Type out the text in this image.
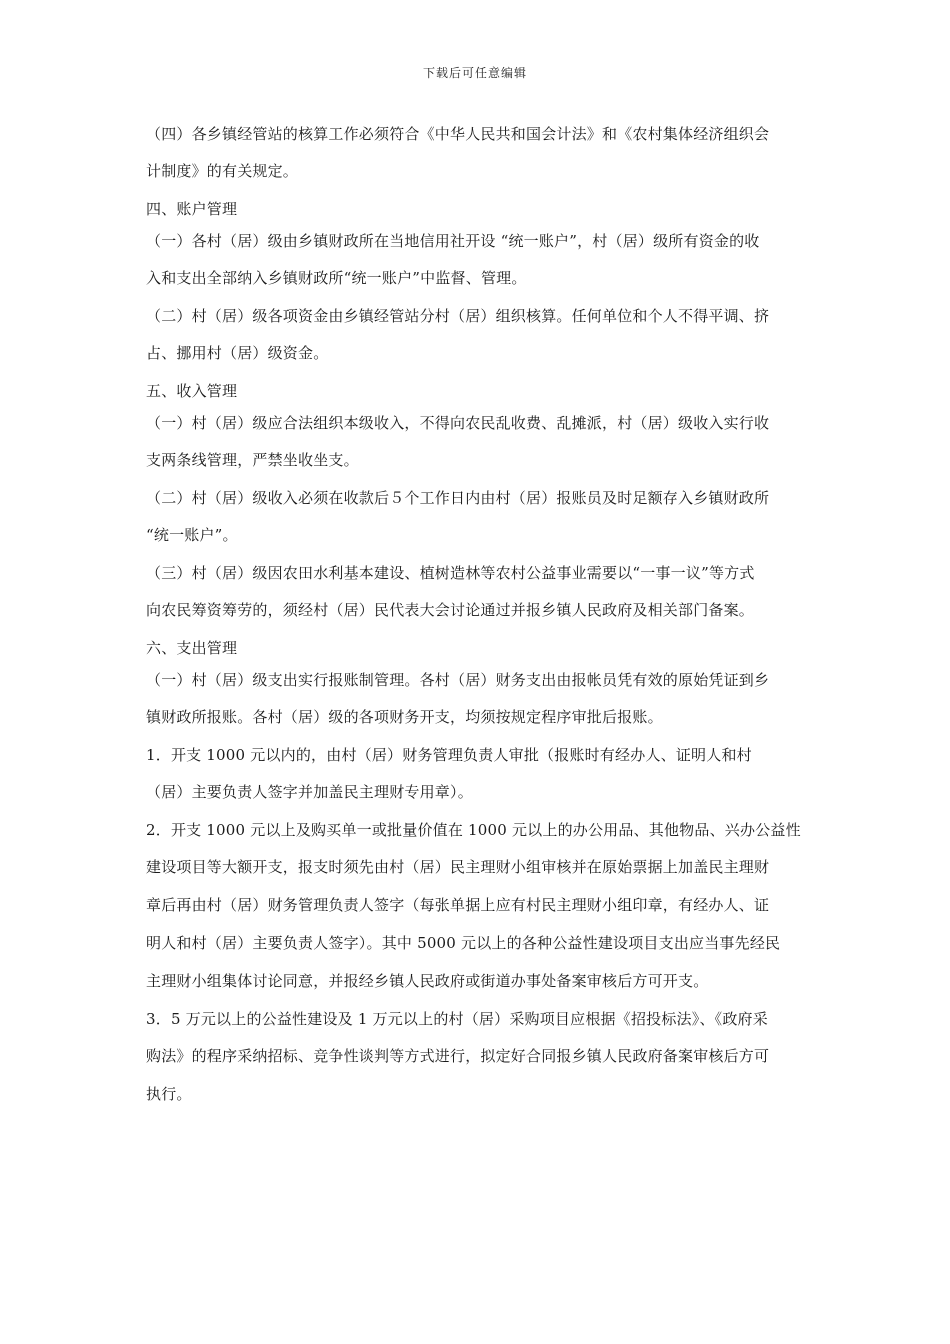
下载后可任意编辑
（四）各乡镇经管站的核算工作必须符合《中华人民共和国会计法》和《农村集体经济组织会
计制度》的有关规定。
四、账户管理
（一）各村（居）级由乡镇财政所在当地信用社开设 “统一账户”，村（居）级所有资金的收
入和支出全部纳入乡镇财政所“统一账户”中监督、管理。
（二）村（居）级各项资金由乡镇经管站分村（居）组织核算。任何单位和个人不得平调、挤
占、挪用村（居）级资金。
五、收入管理
（一）村（居）级应合法组织本级收入，不得向农民乱收费、乱摊派，村（居）级收入实行收
支两条线管理，严禁坐收坐支。
（二）村（居）级收入必须在收款后５个工作日内由村（居）报账员及时足额存入乡镇财政所
“统一账户”。
（三）村（居）级因农田水利基本建设、植树造林等农村公益事业需要以“一事一议”等方式
向农民筹资筹劳的，须经村（居）民代表大会讨论通过并报乡镇人民政府及相关部门备案。
六、支出管理
（一）村（居）级支出实行报账制管理。各村（居）财务支出由报帐员凭有效的原始凭证到乡
镇财政所报账。各村（居）级的各项财务开支，均须按规定程序审批后报账。
1．开支 1000 元以内的，由村（居）财务管理负责人审批（报账时有经办人、证明人和村
（居）主要负责人签字并加盖民主理财专用章）。
2．开支 1000 元以上及购买单一或批量价值在 1000 元以上的办公用品、其他物品、兴办公益性
建设项目等大额开支，报支时须先由村（居）民主理财小组审核并在原始票据上加盖民主理财
章后再由村（居）财务管理负责人签字（每张单据上应有村民主理财小组印章，有经办人、证
明人和村（居）主要负责人签字）。其中 5000 元以上的各种公益性建设项目支出应当事先经民
主理财小组集体讨论同意，并报经乡镇人民政府或街道办事处备案审核后方可开支。
3．5 万元以上的公益性建设及 1 万元以上的村（居）采购项目应根据《招投标法》、《政府采
购法》的程序采纳招标、竞争性谈判等方式进行，拟定好合同报乡镇人民政府备案审核后方可
执行。
